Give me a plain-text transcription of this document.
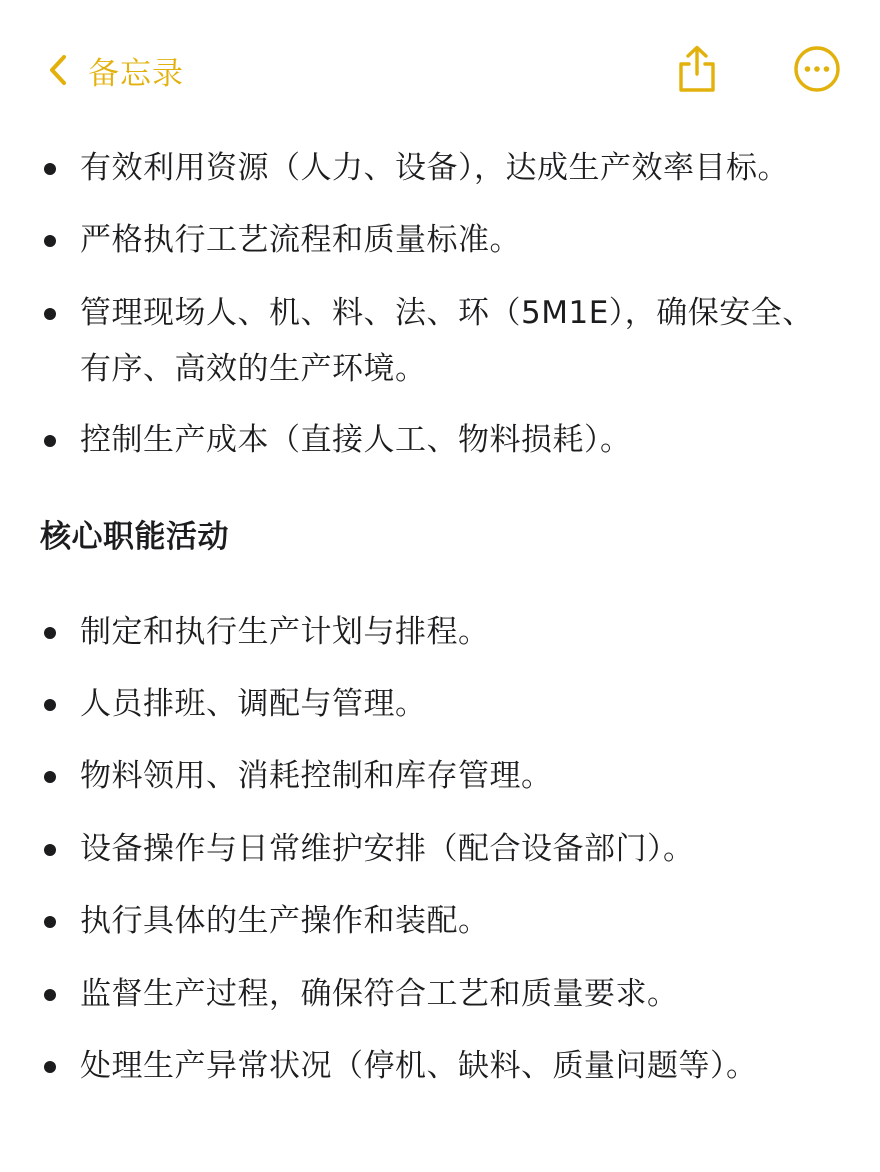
备忘录
有效利用资源（人力、设备），达成生产效率目标。
严格执行工艺流程和质量标准。
管理现场人、机、料、法、环（5M1E），确保安全、有序、高效的生产环境。
控制生产成本（直接人工、物料损耗）。
核心职能活动
制定和执行生产计划与排程。
人员排班、调配与管理。
物料领用、消耗控制和库存管理。
设备操作与日常维护安排（配合设备部门）。
执行具体的生产操作和装配。
监督生产过程，确保符合工艺和质量要求。
处理生产异常状况（停机、缺料、质量问题等）。
